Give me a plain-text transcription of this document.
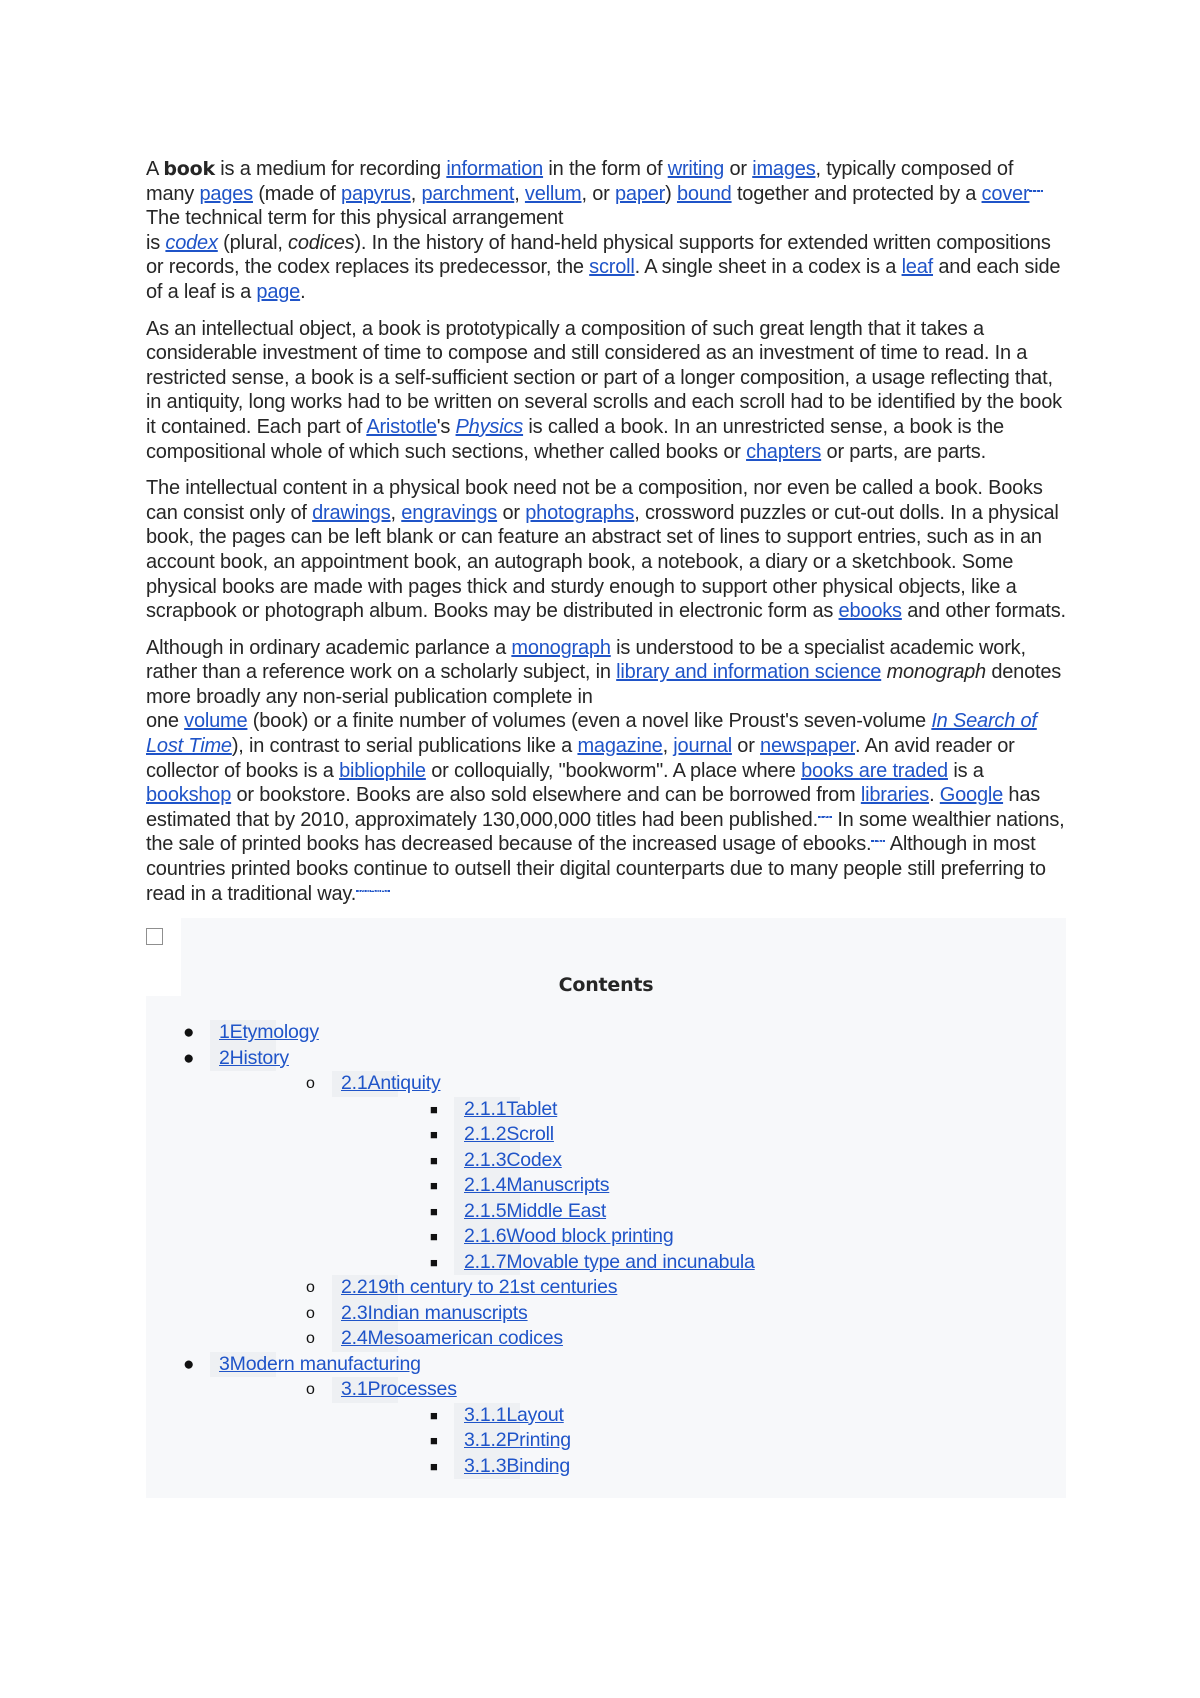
A book is a medium for recording information in the form of writing or images, typically composed of many pages (made of papyrus, parchment, vellum, or paper) bound together and protected by a cover [1] The technical term for this physical arrangement
is codex (plural, codices). In the history of hand-held physical supports for extended written compositions or records, the codex replaces its predecessor, the scroll. A single sheet in a codex is a leaf and each side of a leaf is a page.

As an intellectual object, a book is prototypically a composition of such great length that it takes a considerable investment of time to compose and still considered as an investment of time to read. In a restricted sense, a book is a self-sufficient section or part of a longer composition, a usage reflecting that, in antiquity, long works had to be written on several scrolls and each scroll had to be identified by the book it contained. Each part of Aristotle's Physics is called a book. In an unrestricted sense, a book is the compositional whole of which such sections, whether called books or chapters or parts, are parts.

The intellectual content in a physical book need not be a composition, nor even be called a book. Books can consist only of drawings, engravings or photographs, crossword puzzles or cut-out dolls. In a physical book, the pages can be left blank or can feature an abstract set of lines to support entries, such as in an account book, an appointment book, an autograph book, a notebook, a diary or a sketchbook. Some physical books are made with pages thick and sturdy enough to support other physical objects, like a scrapbook or photograph album. Books may be distributed in electronic form as ebooks and other formats.

Although in ordinary academic parlance a monograph is understood to be a specialist academic work, rather than a reference work on a scholarly subject, in library and information science monograph denotes more broadly any non-serial publication complete in
one volume (book) or a finite number of volumes (even a novel like Proust's seven-volume In Search of Lost Time), in contrast to serial publications like a magazine, journal or newspaper. An avid reader or collector of books is a bibliophile or colloquially, "bookworm". A place where books are traded is a bookshop or bookstore. Books are also sold elsewhere and can be borrowed from libraries. Google has estimated that by 2010, approximately 130,000,000 titles had been published. [2] In some wealthier nations, the sale of printed books has decreased because of the increased usage of ebooks. [3] Although in most countries printed books continue to outsell their digital counterparts due to many people still preferring to read in a traditional way. [4][5][6]

Contents
● 1Etymology
● 2History
o 2.1Antiquity
■ 2.1.1Tablet
■ 2.1.2Scroll
■ 2.1.3Codex
■ 2.1.4Manuscripts
■ 2.1.5Middle East
■ 2.1.6Wood block printing
■ 2.1.7Movable type and incunabula
o 2.219th century to 21st centuries
o 2.3Indian manuscripts
o 2.4Mesoamerican codices
● 3Modern manufacturing
o 3.1Processes
■ 3.1.1Layout
■ 3.1.2Printing
■ 3.1.3Binding
